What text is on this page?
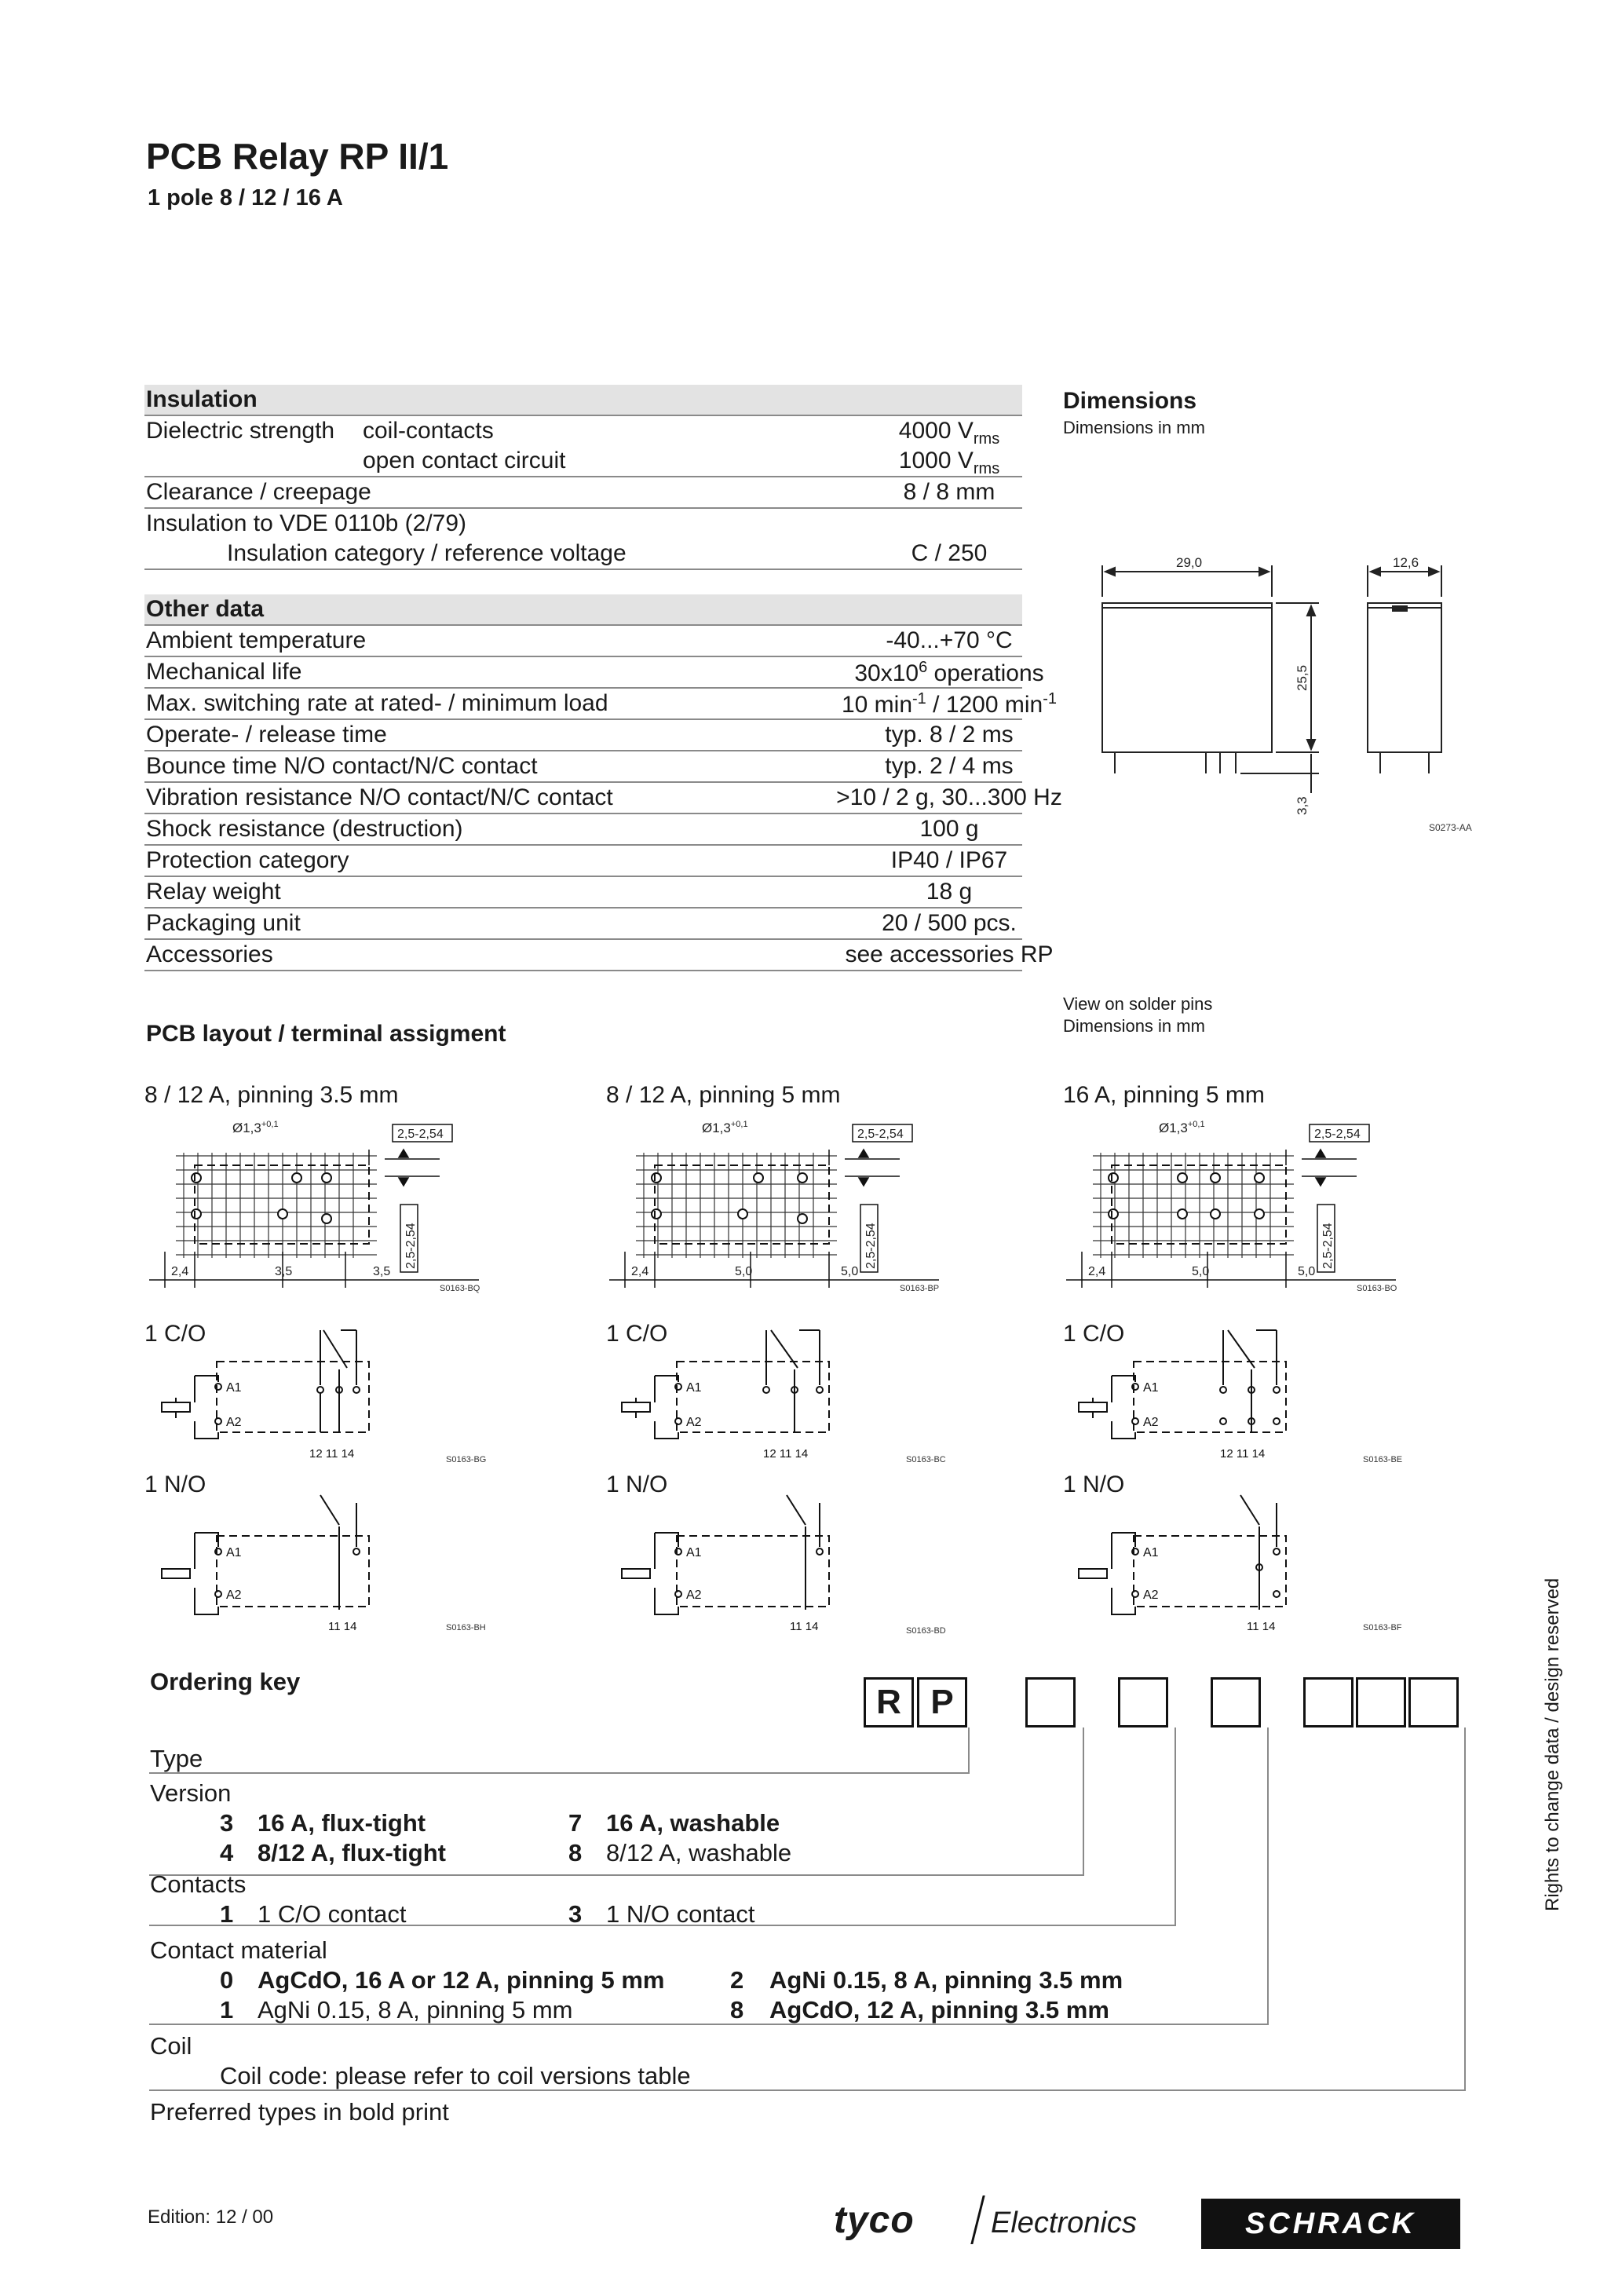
PCB Relay RP II/1
1 pole 8 / 12 / 16 A
Insulation
Dielectric strength coil-contacts	4000 $V_{rms}$
open contact circuit	1000 $V_{rms}$
Clearance / creepage	8 / 8 mm
Insulation to VDE 0110b (2/79)
Insulation category / reference voltage	C / 250
Other data
Ambient temperature	-40...+70 °C
Mechanical life	$30x10^6$ operations
Max. switching rate at rated- / minimum load	10 $\min^{-1} / 1200$ $\min^{-1}$
Operate- / release time	typ. 8 / 2 ms
Bounce time N/O contact/N/C contact	typ. 2 / 4 ms
Vibration resistance N/O contact/N/C contact	>10 / 2 g, 30...300 Hz
Shock resistance (destruction)	100 g
Protection category	IP40 / IP67
Relay weight	18 g
Packaging unit	20 / 500 pcs.
Accessories	see accessories RP
Dimensions
Dimensions in mm
29,0	12,6
25,5
3,3
S0273-AA
View on solder pins
Dimensions in mm
PCB layout / terminal assigment
8 / 12 A, pinning 3.5 mm	8 / 12 A, pinning 5 mm	16 A, pinning 5 mm
$Ø1,3^{+0,1}$
2,5-2,54
2,5-2,54
2,4	3,5	3,5
S0163-BQ
$Ø1,3^{+0,1}$
2,5-2,54
2,5-2,54
2,4	5,0	5,0
S0163-BP
$Ø1,3^{+0,1}$
2,5-2,54
2,5-2,54
2,4	5,0	5,0
S0163-BO
1 C/O	1 C/O	1 C/O
1 N/O	1 N/O	1 N/O
A1
A2
12 11 14	S0163-BG
A1
A2
12 11 14	S0163-BC
A1
A2
12 11 14	S0163-BE
A1
A2
11 14	S0163-BH
A1
A2
11 14	S0163-BD
A1
A2
11 14	S0163-BF	Rights to change data / design reserved
Ordering key
R P
Type
Version
3 16 A, flux-tight	7 16 A, washable
4 8/12 A, flux-tight	8 8/12 A, washable
Contacts
1 1 C/O contact	3 1 N/O contact
Contact material
0 AgCdO, 16 A or 12 A, pinning 5 mm	2 AgNi 0.15, 8 A, pinning 3.5 mm
1 AgNi 0.15, 8 A, pinning 5 mm	8 AgCdO, 12 A, pinning 3.5 mm
Coil
Coil code: please refer to coil versions table
Preferred types in bold print
Edition: 12 / 00	tyco	Electronics	SCHRACK
